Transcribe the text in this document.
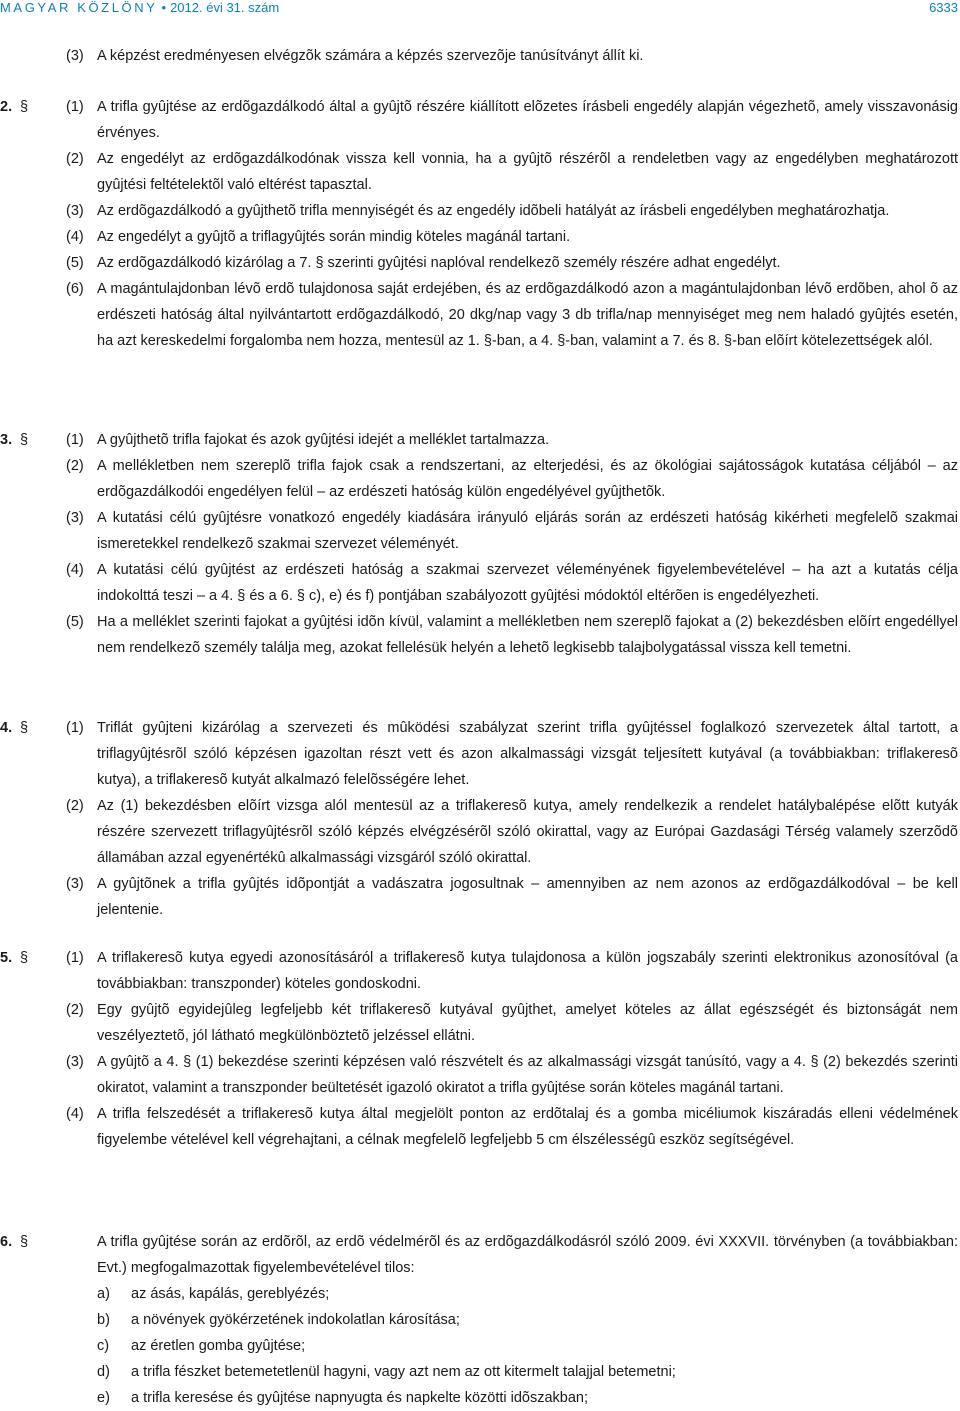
MAGYAR KÖZLÖNY • 2012. évi 31. szám	6333
(3) A képzést eredményesen elvégzõk számára a képzés szervezõje tanúsítványt állít ki.
2. §	(1) A trifla gyûjtése az erdõgazdálkodó által a gyûjtõ részére kiállított elõzetes írásbeli engedély alapján végezhetõ, amely visszavonásig érvényes.
(2) Az engedélyt az erdõgazdálkodónak vissza kell vonnia, ha a gyûjtõ részérõl a rendeletben vagy az engedélyben meghatározott gyûjtési feltételektõl való eltérést tapasztal.
(3) Az erdõgazdálkodó a gyûjthetõ trifla mennyiségét és az engedély idõbeli hatályát az írásbeli engedélyben meghatározhatja.
(4) Az engedélyt a gyûjtõ a triflagyûjtés során mindig köteles magánál tartani.
(5) Az erdõgazdálkodó kizárólag a 7. § szerinti gyûjtési naplóval rendelkezõ személy részére adhat engedélyt.
(6) A magántulajdonban lévõ erdõ tulajdonosa saját erdejében, és az erdõgazdálkodó azon a magántulajdonban lévõ erdõben, ahol õ az erdészeti hatóság által nyilvántartott erdõgazdálkodó, 20 dkg/nap vagy 3 db trifla/nap mennyiséget meg nem haladó gyûjtés esetén, ha azt kereskedelmi forgalomba nem hozza, mentesül az 1. §-ban, a 4. §-ban, valamint a 7. és 8. §-ban elõírt kötelezettségek alól.
3. §	(1) A gyûjthetõ trifla fajokat és azok gyûjtési idejét a melléklet tartalmazza.
(2) A mellékletben nem szereplõ trifla fajok csak a rendszertani, az elterjedési, és az ökológiai sajátosságok kutatása céljából – az erdõgazdálkodói engedélyen felül – az erdészeti hatóság külön engedélyével gyûjthetõk.
(3) A kutatási célú gyûjtésre vonatkozó engedély kiadására irányuló eljárás során az erdészeti hatóság kikérheti megfelelõ szakmai ismeretekkel rendelkezõ szakmai szervezet véleményét.
(4) A kutatási célú gyûjtést az erdészeti hatóság a szakmai szervezet véleményének figyelembevételével – ha azt a kutatás célja indokolttá teszi – a 4. § és a 6. § c), e) és f) pontjában szabályozott gyûjtési módoktól eltérõen is engedélyezheti.
(5) Ha a melléklet szerinti fajokat a gyûjtési idõn kívül, valamint a mellékletben nem szereplõ fajokat a (2) bekezdésben elõírt engedéllyel nem rendelkezõ személy találja meg, azokat fellelésük helyén a lehetõ legkisebb talajbolygatással vissza kell temetni.
4. §	(1) Triflát gyûjteni kizárólag a szervezeti és mûködési szabályzat szerint trifla gyûjtéssel foglalkozó szervezetek által tartott, a triflagyûjtésrõl szóló képzésen igazoltan részt vett és azon alkalmassági vizsgát teljesített kutyával (a továbbiakban: triflakeresõ kutya), a triflakeresõ kutyát alkalmazó felelõsségére lehet.
(2) Az (1) bekezdésben elõírt vizsga alól mentesül az a triflakeresõ kutya, amely rendelkezik a rendelet hatálybalépése elõtt kutyák részére szervezett triflagyûjtésrõl szóló képzés elvégzésérõl szóló okirattal, vagy az Európai Gazdasági Térség valamely szerzõdõ államában azzal egyenértékû alkalmassági vizsgáról szóló okirattal.
(3) A gyûjtõnek a trifla gyûjtés idõpontját a vadászatra jogosultnak – amennyiben az nem azonos az erdõgazdálkodóval – be kell jelentenie.
5. §	(1) A triflakeresõ kutya egyedi azonosításáról a triflakeresõ kutya tulajdonosa a külön jogszabály szerinti elektronikus azonosítóval (a továbbiakban: transzponder) köteles gondoskodni.
(2) Egy gyûjtõ egyidejûleg legfeljebb két triflakeresõ kutyával gyûjthet, amelyet köteles az állat egészségét és biztonságát nem veszélyeztetõ, jól látható megkülönböztetõ jelzéssel ellátni.
(3) A gyûjtõ a 4. § (1) bekezdése szerinti képzésen való részvételt és az alkalmassági vizsgát tanúsító, vagy a 4. § (2) bekezdés szerinti okiratot, valamint a transzponder beültetését igazoló okiratot a trifla gyûjtése során köteles magánál tartani.
(4) A trifla felszedését a triflakeresõ kutya által megjelölt ponton az erdõtalaj és a gomba micéliumok kiszáradás elleni védelmének figyelembe vételével kell végrehajtani, a célnak megfelelõ legfeljebb 5 cm élszélességû eszköz segítségével.
6. §	A trifla gyûjtése során az erdõrõl, az erdõ védelmérõl és az erdõgazdálkodásról szóló 2009. évi XXXVII. törvényben (a továbbiakban: Evt.) megfogalmazottak figyelembevételével tilos:
a) az ásás, kapálás, gereblyézés;
b) a növények gyökérzetének indokolatlan károsítása;
c) az éretlen gomba gyûjtése;
d) a trifla fészket betemetetlenül hagyni, vagy azt nem az ott kitermelt talajjal betemetni;
e) a trifla keresése és gyûjtése napnyugta és napkelte közötti idõszakban;
